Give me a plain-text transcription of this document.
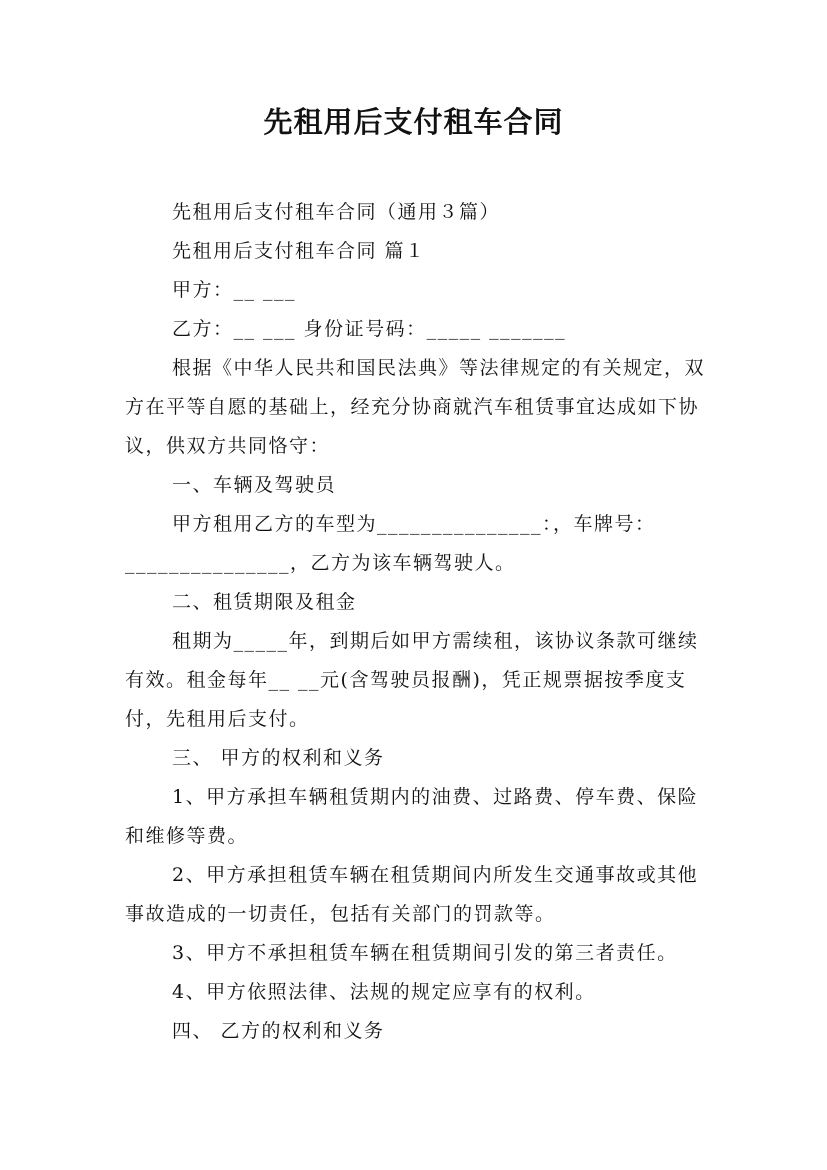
先租用后支付租车合同

先租用后支付租车合同（通用３篇）

先租用后支付租车合同 篇１

甲方：__ ___

乙方：__ ___ 身份证号码：_____ _______

根据《中华人民共和国民法典》等法律规定的有关规定，双方在平等自愿的基础上，经充分协商就汽车租赁事宜达成如下协议，供双方共同恪守：

一、车辆及驾驶员

甲方租用乙方的车型为_______________：，车牌号：_______________，乙方为该车辆驾驶人。

二、租赁期限及租金

租期为_____年，到期后如甲方需续租，该协议条款可继续有效。租金每年__ __元(含驾驶员报酬)，凭正规票据按季度支付，先租用后支付。

三、 甲方的权利和义务

1、甲方承担车辆租赁期内的油费、过路费、停车费、保险和维修等费。

2、甲方承担租赁车辆在租赁期间内所发生交通事故或其他事故造成的一切责任，包括有关部门的罚款等。

3、甲方不承担租赁车辆在租赁期间引发的第三者责任。

4、甲方依照法律、法规的规定应享有的权利。

四、 乙方的权利和义务
